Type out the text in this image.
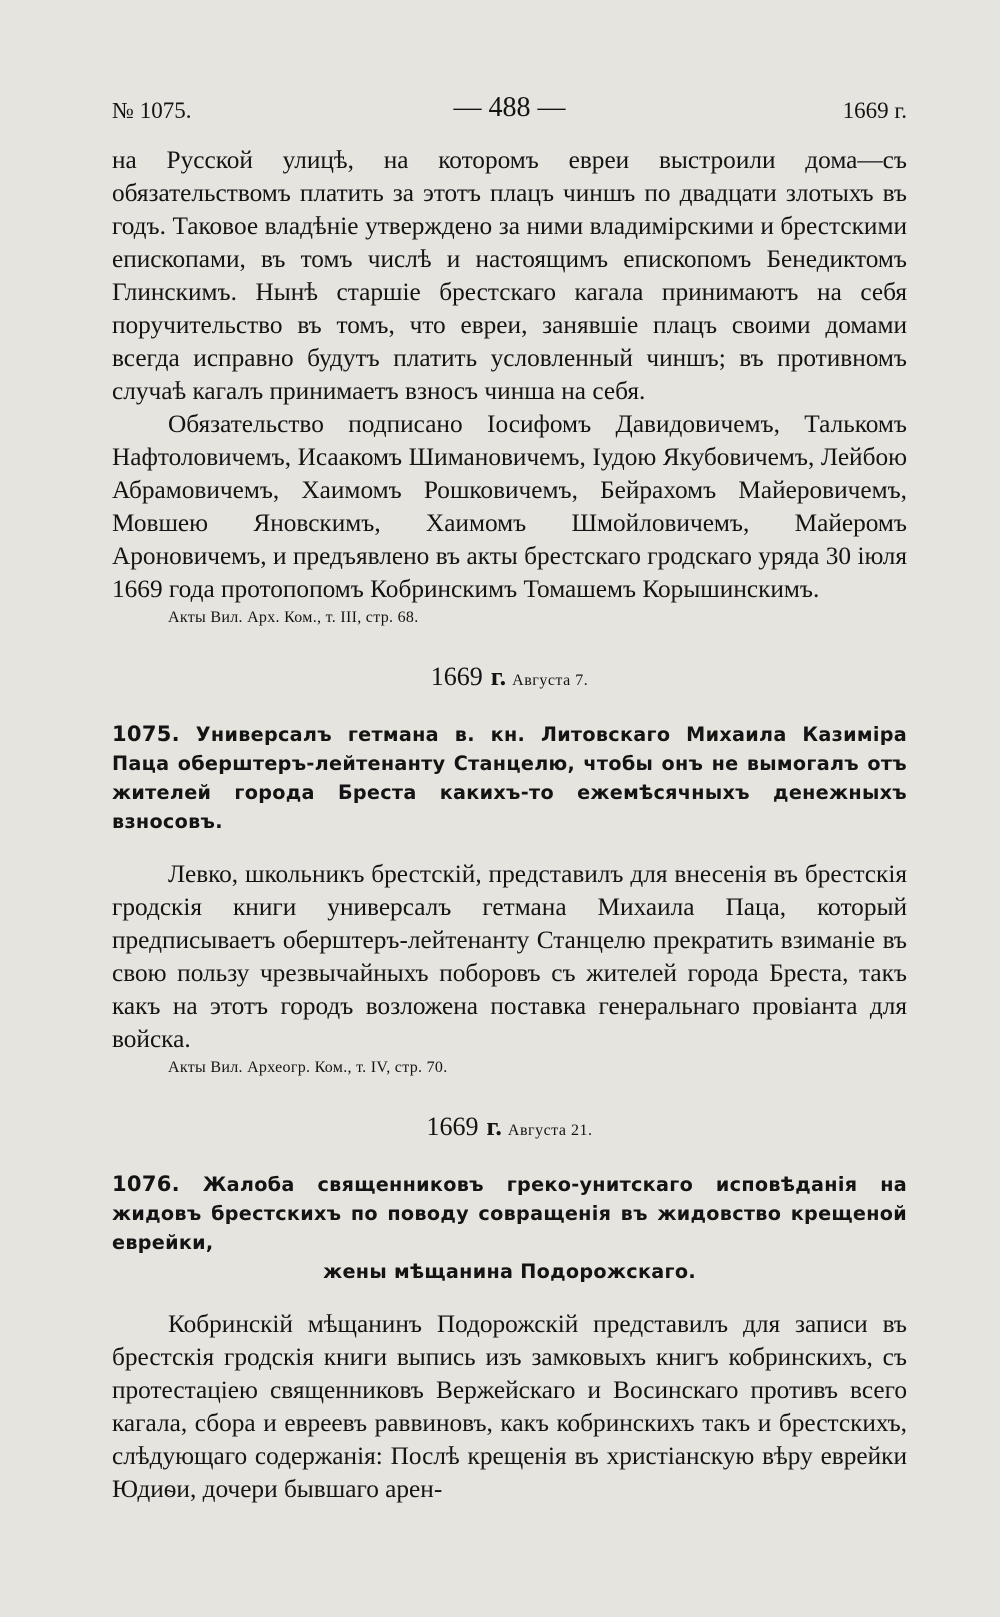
№ 1075.	— 488 —	1669 г.

на Русской улицѣ, на которомъ евреи выстроили дома—съ обязательствомъ платить за этотъ плацъ чиншъ по двадцати злотыхъ въ годъ. Таковое владѣніе утверждено за ними владимірскими и брестскими епископами, въ томъ числѣ и настоящимъ епископомъ Бенедиктомъ Глинскимъ. Нынѣ старшіе брестскаго кагала принимаютъ на себя поручительство въ томъ, что евреи, занявшіе плацъ своими домами всегда исправно будутъ платить условленный чиншъ; въ противномъ случаѣ кагалъ принимаетъ взносъ чинша на себя.

Обязательство подписано Іосифомъ Давидовичемъ, Талькомъ Нафтоловичемъ, Исаакомъ Шимановичемъ, Іудою Якубовичемъ, Лейбою Абрамовичемъ, Хаимомъ Рошковичемъ, Бейрахомъ Майеровичемъ, Мовшею Яновскимъ, Хаимомъ Шмойловичемъ, Майеромъ Ароновичемъ, и предъявлено въ акты брестскаго гродскаго уряда 30 іюля 1669 года протопопомъ Кобринскимъ Томашемъ Корышинскимъ.

Акты Вил. Арх. Ком., т. III, стр. 68.
1669 г. Августа 7.
1075. Универсалъ гетмана в. кн. Литовскаго Михаила Казиміра Паца оберштеръ-лейтенанту Станцелю, чтобы онъ не вымогалъ отъ жителей города Бреста какихъ-то ежемѣсячныхъ денежныхъ взносовъ.

Левко, школьникъ брестскій, представилъ для внесенія въ брестскія гродскія книги универсалъ гетмана Михаила Паца, который предписываетъ оберштеръ-лейтенанту Станцелю прекратить взиманіе въ свою пользу чрезвычайныхъ поборовъ съ жителей города Бреста, такъ какъ на этотъ городъ возложена поставка генеральнаго провіанта для войска.

Акты Вил. Археогр. Ком., т. IV, стр. 70.
1669 г. Августа 21.
1076. Жалоба священниковъ греко-унитскаго исповѣданія на жидовъ брестскихъ по поводу совращенія въ жидовство крещеной еврейки,
жены мѣщанина Подорожскаго.

Кобринскій мѣщанинъ Подорожскій представилъ для записи въ брестскія гродскія книги выпись изъ замковыхъ книгъ кобринскихъ, съ протестаціею священниковъ Вержейскаго и Восинскаго противъ всего кагала, сбора и евреевъ раввиновъ, какъ кобринскихъ такъ и брестскихъ, слѣдующаго содержанія: Послѣ крещенія въ христіанскую вѣру еврейки Юдиѳи, дочери бывшаго арен-
